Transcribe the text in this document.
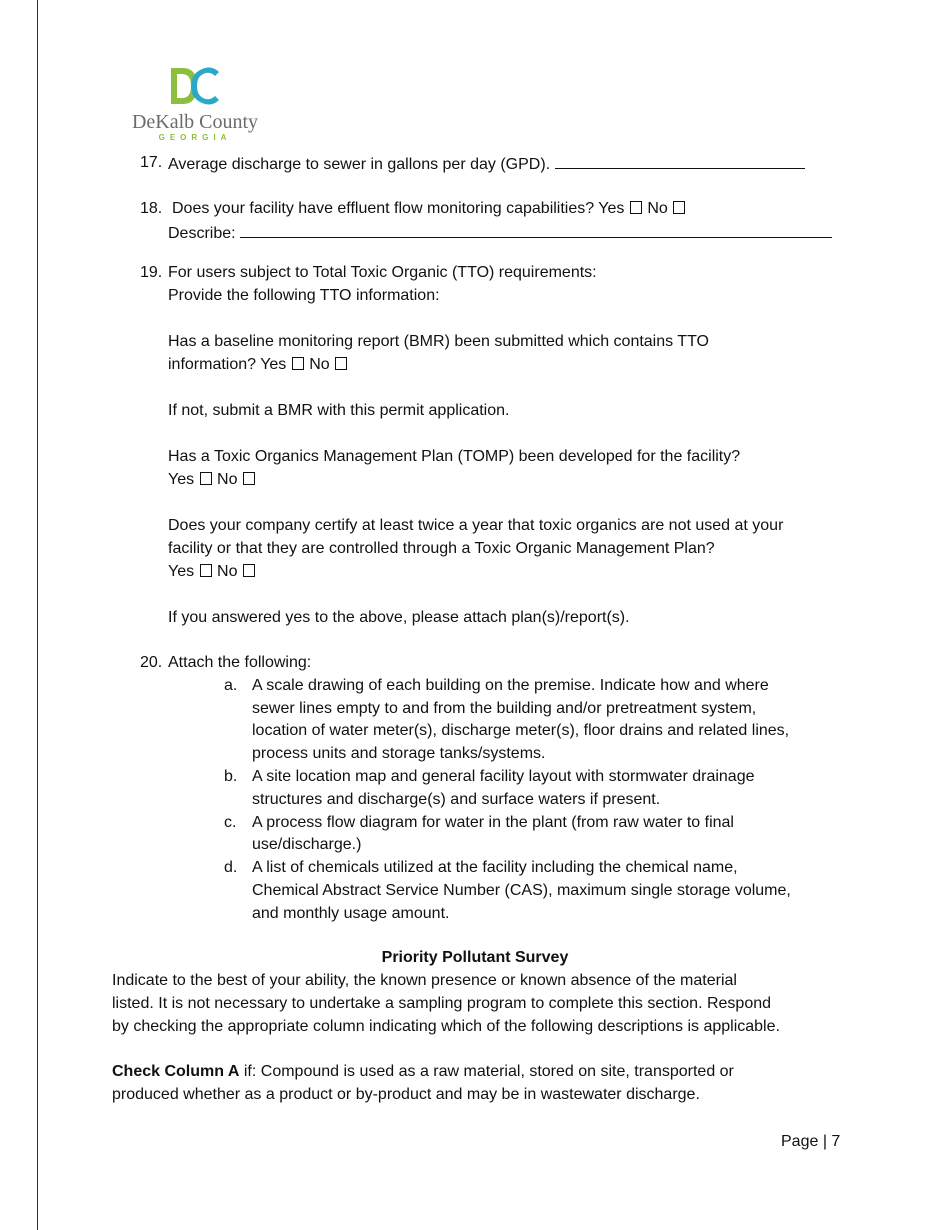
DeKalb County
GEORGIA
17. Average discharge to sewer in gallons per day (GPD).
18. Does your facility have effluent flow monitoring capabilities? Yes No
Describe:
19. For users subject to Total Toxic Organic (TTO) requirements:
Provide the following TTO information:
Has a baseline monitoring report (BMR) been submitted which contains TTO
information? Yes No
If not, submit a BMR with this permit application.
Has a Toxic Organics Management Plan (TOMP) been developed for the facility?
Yes No
Does your company certify at least twice a year that toxic organics are not used at your
facility or that they are controlled through a Toxic Organic Management Plan?
Yes No
If you answered yes to the above, please attach plan(s)/report(s).
20. Attach the following:
a. A scale drawing of each building on the premise. Indicate how and where
sewer lines empty to and from the building and/or pretreatment system,
location of water meter(s), discharge meter(s), floor drains and related lines,
process units and storage tanks/systems.
b. A site location map and general facility layout with stormwater drainage
structures and discharge(s) and surface waters if present.
c. A process flow diagram for water in the plant (from raw water to final
use/discharge.)
d. A list of chemicals utilized at the facility including the chemical name,
Chemical Abstract Service Number (CAS), maximum single storage volume,
and monthly usage amount.
Priority Pollutant Survey
Indicate to the best of your ability, the known presence or known absence of the material
listed. It is not necessary to undertake a sampling program to complete this section. Respond
by checking the appropriate column indicating which of the following descriptions is applicable.
Check Column A if: Compound is used as a raw material, stored on site, transported or
produced whether as a product or by-product and may be in wastewater discharge.
Page | 7
